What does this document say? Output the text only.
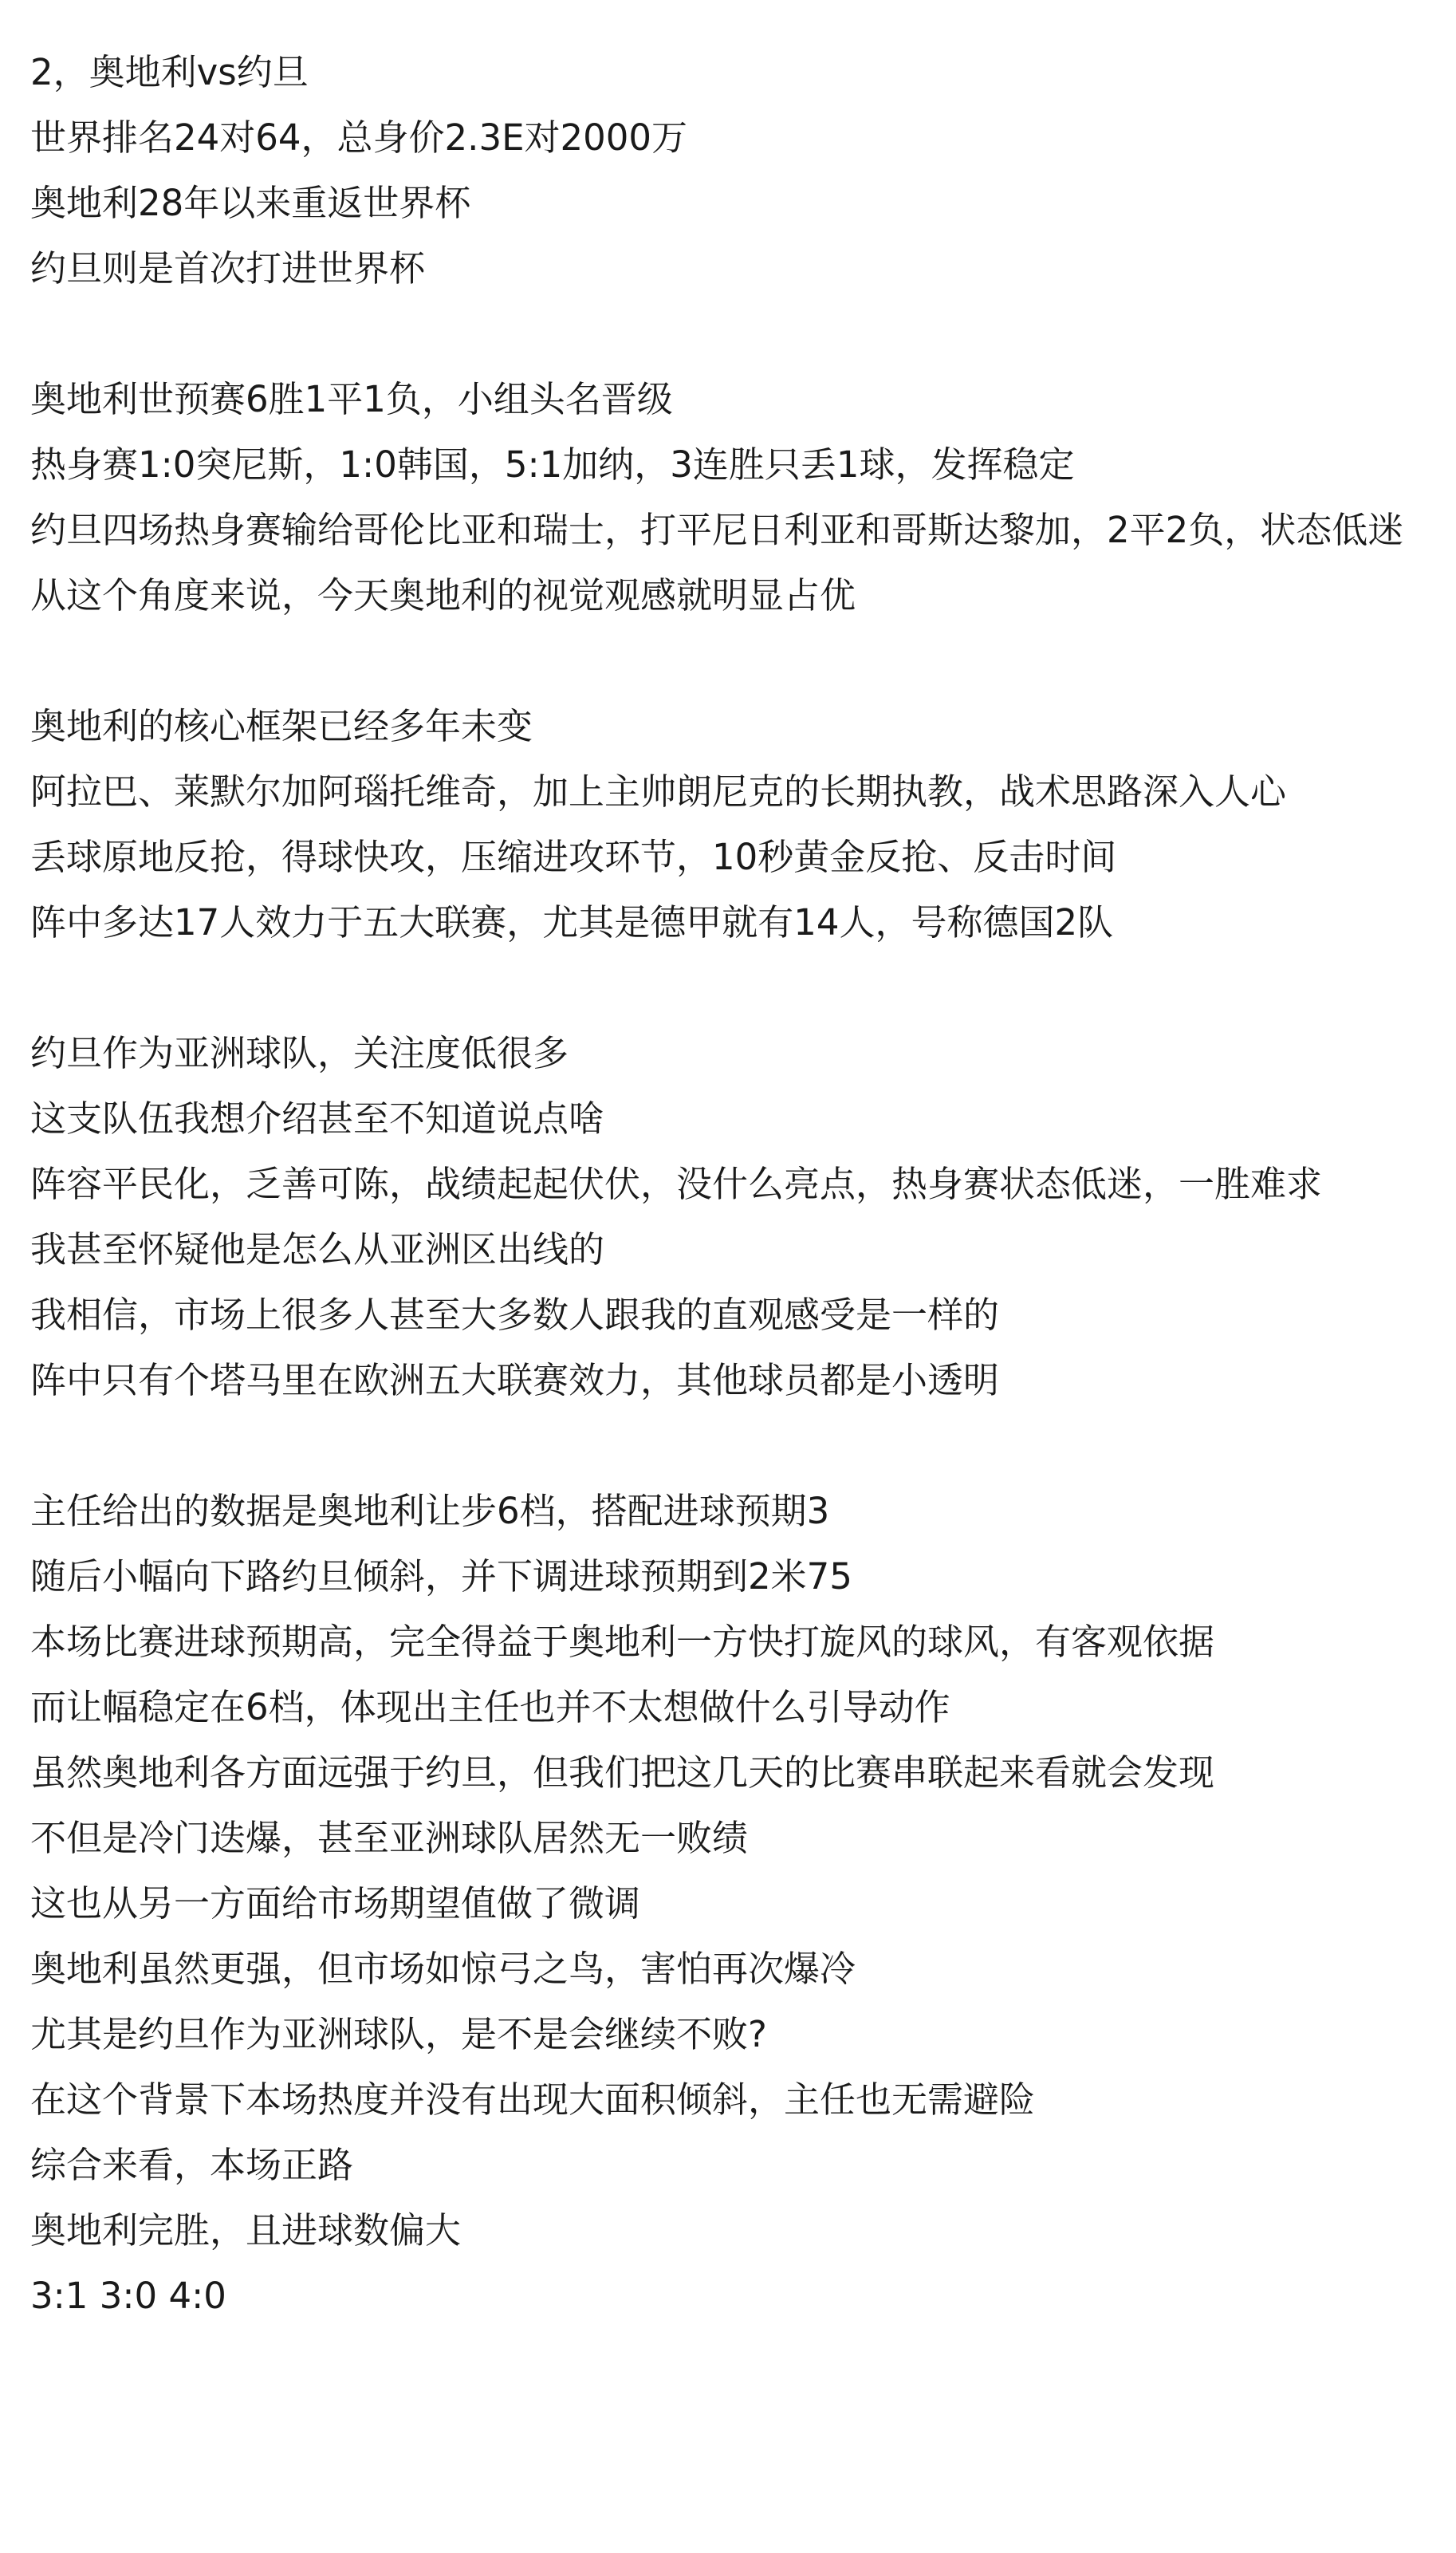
2，奥地利vs约旦

世界排名24对64，总身价2.3E对2000万

奥地利28年以来重返世界杯

约旦则是首次打进世界杯

奥地利世预赛6胜1平1负，小组头名晋级

热身赛1:0突尼斯，1:0韩国，5:1加纳，3连胜只丢1球，发挥稳定

约旦四场热身赛输给哥伦比亚和瑞士，打平尼日利亚和哥斯达黎加，2平2负，状态低迷

从这个角度来说，今天奥地利的视觉观感就明显占优

奥地利的核心框架已经多年未变

阿拉巴、莱默尔加阿瑙托维奇，加上主帅朗尼克的长期执教，战术思路深入人心

丢球原地反抢，得球快攻，压缩进攻环节，10秒黄金反抢、反击时间

阵中多达17人效力于五大联赛，尤其是德甲就有14人，号称德国2队

约旦作为亚洲球队，关注度低很多

这支队伍我想介绍甚至不知道说点啥

阵容平民化，乏善可陈，战绩起起伏伏，没什么亮点，热身赛状态低迷，一胜难求

我甚至怀疑他是怎么从亚洲区出线的

我相信，市场上很多人甚至大多数人跟我的直观感受是一样的

阵中只有个塔马里在欧洲五大联赛效力，其他球员都是小透明

主任给出的数据是奥地利让步6档，搭配进球预期3

随后小幅向下路约旦倾斜，并下调进球预期到2米75

本场比赛进球预期高，完全得益于奥地利一方快打旋风的球风，有客观依据

而让幅稳定在6档，体现出主任也并不太想做什么引导动作

虽然奥地利各方面远强于约旦，但我们把这几天的比赛串联起来看就会发现

不但是冷门迭爆，甚至亚洲球队居然无一败绩

这也从另一方面给市场期望值做了微调

奥地利虽然更强，但市场如惊弓之鸟，害怕再次爆冷

尤其是约旦作为亚洲球队，是不是会继续不败?

在这个背景下本场热度并没有出现大面积倾斜，主任也无需避险

综合来看，本场正路

奥地利完胜，且进球数偏大

3:1 3:0 4:0
